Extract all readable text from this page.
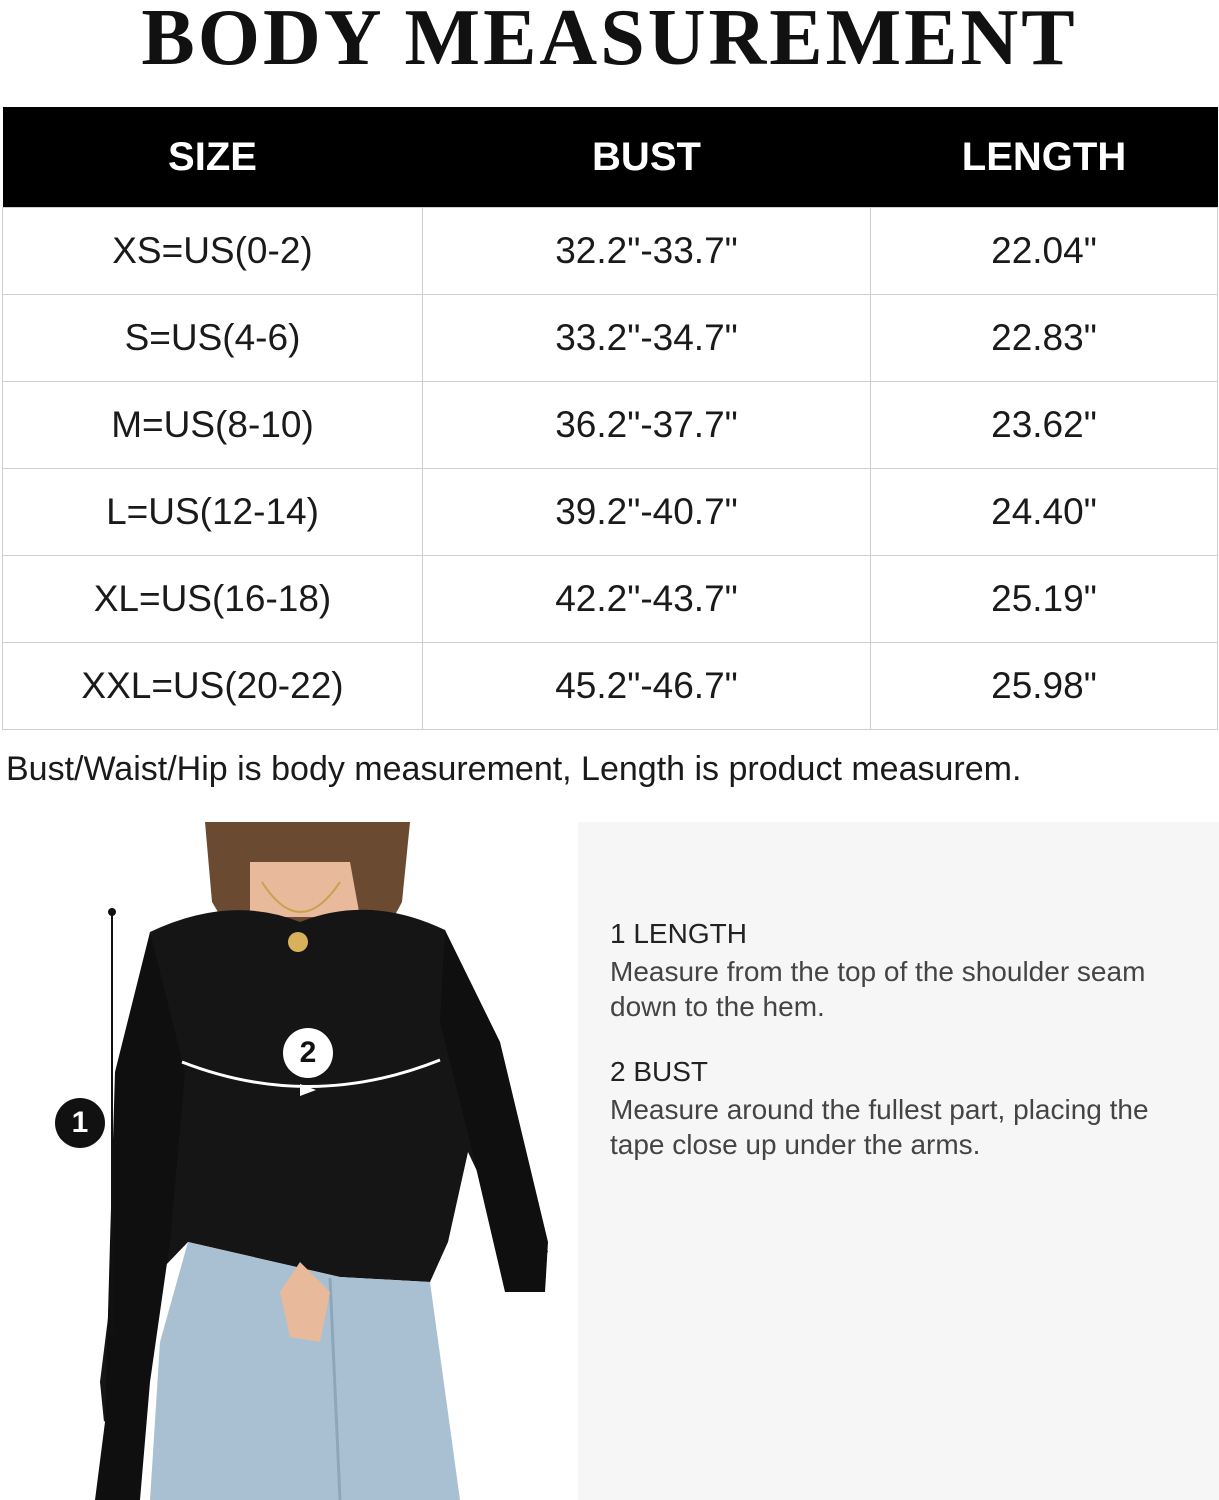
BODY MEASUREMENT
SIZE	BUST	LENGTH
XS=US(0-2)	32.2"-33.7"	22.04"
S=US(4-6)	33.2"-34.7"	22.83"
M=US(8-10)	36.2"-37.7"	23.62"
L=US(12-14)	39.2"-40.7"	24.40"
XL=US(16-18)	42.2"-43.7"	25.19"
XXL=US(20-22)	45.2"-46.7"	25.98"
Bust/Waist/Hip is body measurement, Length is product measurem.
1
2
1 LENGTH

Measure from the top of the shoulder seam down to the hem.

2 BUST

Measure around the fullest part, placing the tape close up under the arms.
